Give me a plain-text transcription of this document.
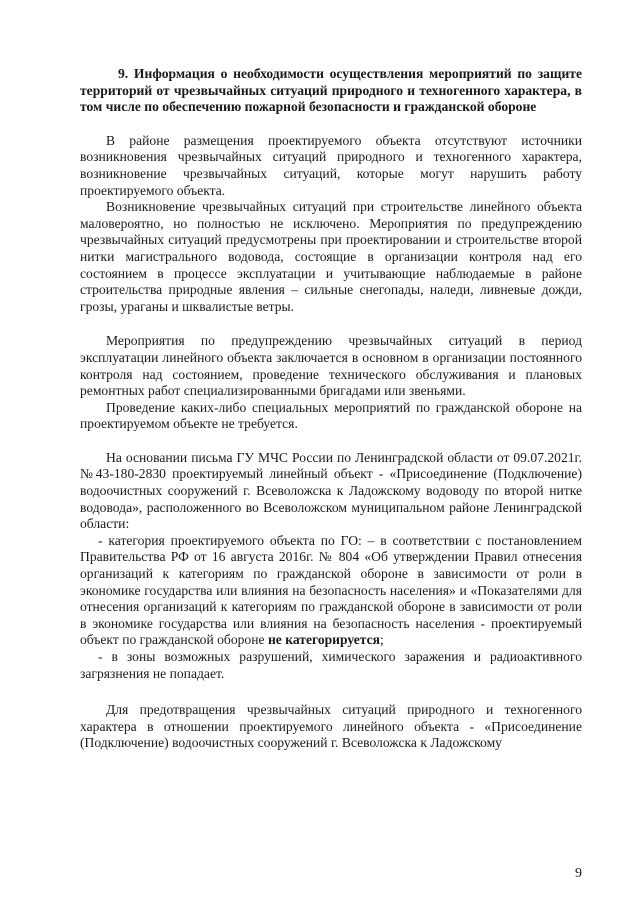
9. Информация о необходимости осуществления мероприятий по защите территорий от чрезвычайных ситуаций природного и техногенного характера, в том числе по обеспечению пожарной безопасности и гражданской обороне

В районе размещения проектируемого объекта отсутствуют источники возникновения чрезвычайных ситуаций природного и техногенного характера, возникновение чрезвычайных ситуаций, которые могут нарушить работу проектируемого объекта.

Возникновение чрезвычайных ситуаций при строительстве линейного объекта маловероятно, но полностью не исключено. Мероприятия по предупреждению чрезвычайных ситуаций предусмотрены при проектировании и строительстве второй нитки магистрального водовода, состоящие в организации контроля над его состоянием в процессе эксплуатации и учитывающие наблюдаемые в районе строительства природные явления – сильные снегопады, наледи, ливневые дожди, грозы, ураганы и шквалистые ветры.

Мероприятия по предупреждению чрезвычайных ситуаций в период эксплуатации линейного объекта заключается в основном в организации постоянного контроля над состоянием, проведение технического обслуживания и плановых ремонтных работ специализированными бригадами или звеньями.

Проведение каких-либо специальных мероприятий по гражданской обороне на проектируемом объекте не требуется.

На основании письма ГУ МЧС России по Ленинградской области от 09.07.2021г. №43-180-2830 проектируемый линейный объект - «Присоединение (Подключение) водоочистных сооружений г. Всеволожска к Ладожскому водоводу по второй нитке водовода», расположенного во Всеволожском муниципальном районе Ленинградской области:

- категория проектируемого объекта по ГО: – в соответствии с постановлением Правительства РФ от 16 августа 2016г. № 804 «Об утверждении Правил отнесения организаций к категориям по гражданской обороне в зависимости от роли в экономике государства или влияния на безопасность населения» и «Показателями для отнесения организаций к категориям по гражданской обороне в зависимости от роли в экономике государства или влияния на безопасность населения - проектируемый объект по гражданской обороне не категорируется;

- в зоны возможных разрушений, химического заражения и радиоактивного загрязнения не попадает.

Для предотвращения чрезвычайных ситуаций природного и техногенного характера в отношении проектируемого линейного объекта - «Присоединение (Подключение) водоочистных сооружений г. Всеволожска к Ладожскому

9
